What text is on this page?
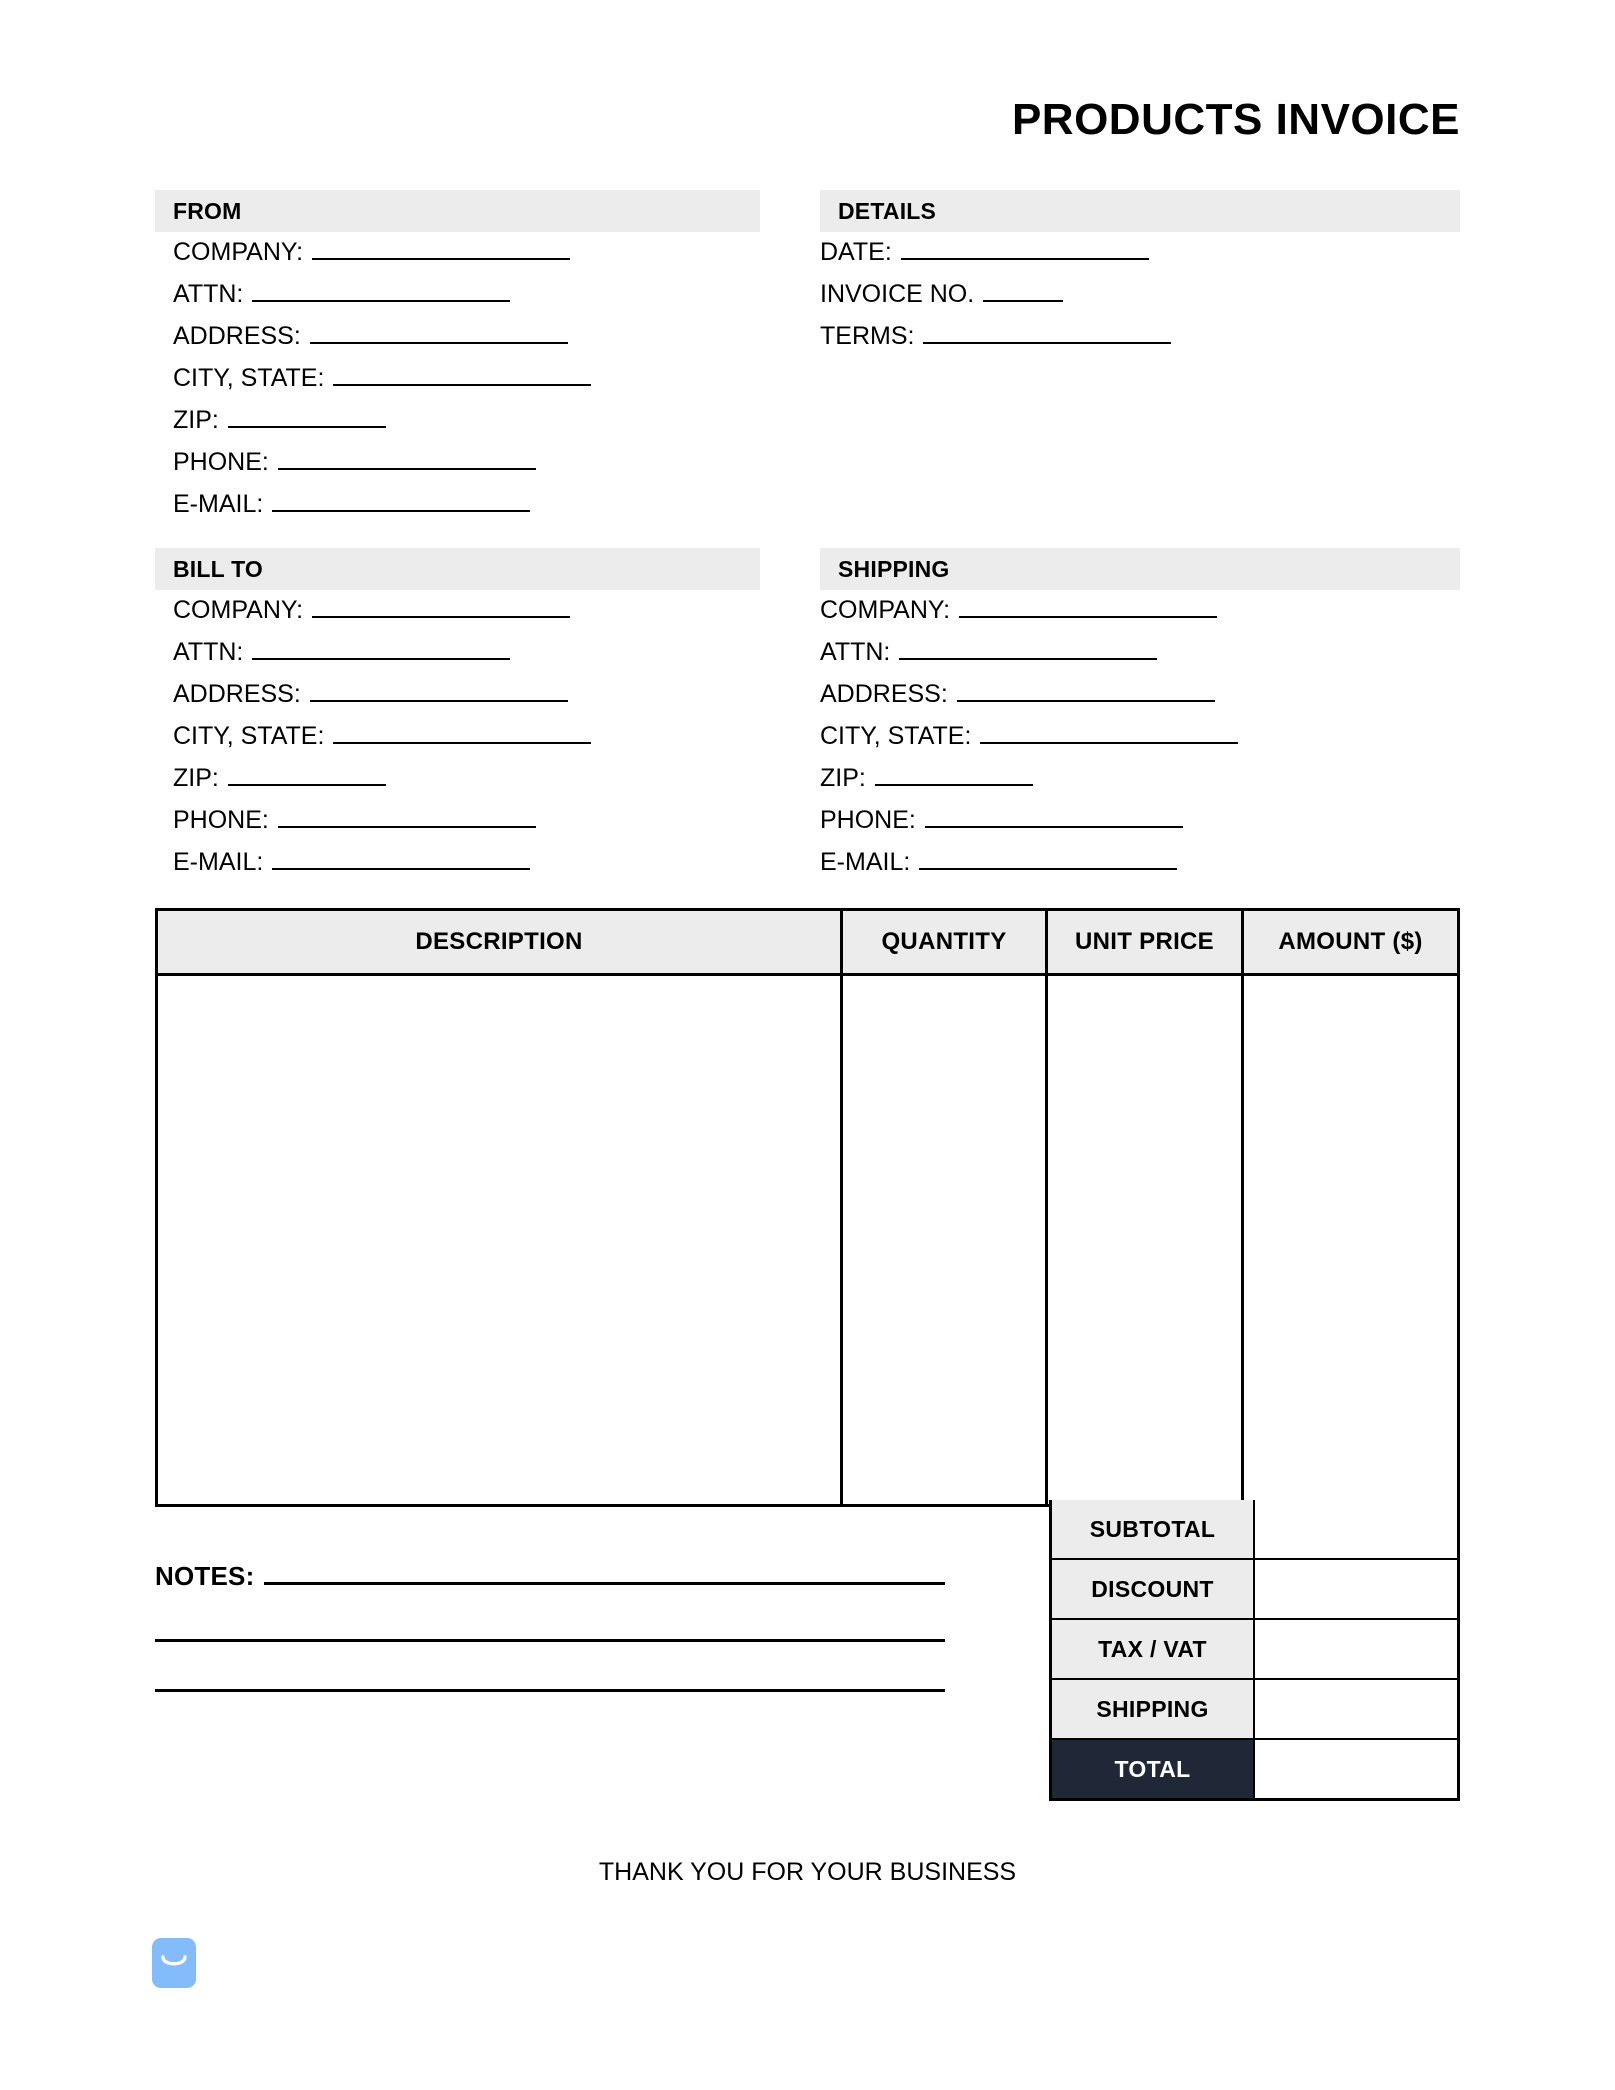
PRODUCTS INVOICE
FROM
COMPANY:
ATTN:
ADDRESS:
CITY, STATE:
ZIP:
PHONE:
E-MAIL:
DETAILS
DATE:
INVOICE NO.
TERMS:
BILL TO
COMPANY:
ATTN:
ADDRESS:
CITY, STATE:
ZIP:
PHONE:
E-MAIL:
SHIPPING
COMPANY:
ATTN:
ADDRESS:
CITY, STATE:
ZIP:
PHONE:
E-MAIL:
DESCRIPTION	QUANTITY	UNIT PRICE	AMOUNT ($)
SUBTOTAL
DISCOUNT
TAX / VAT
SHIPPING
TOTAL
NOTES:
THANK YOU FOR YOUR BUSINESS
